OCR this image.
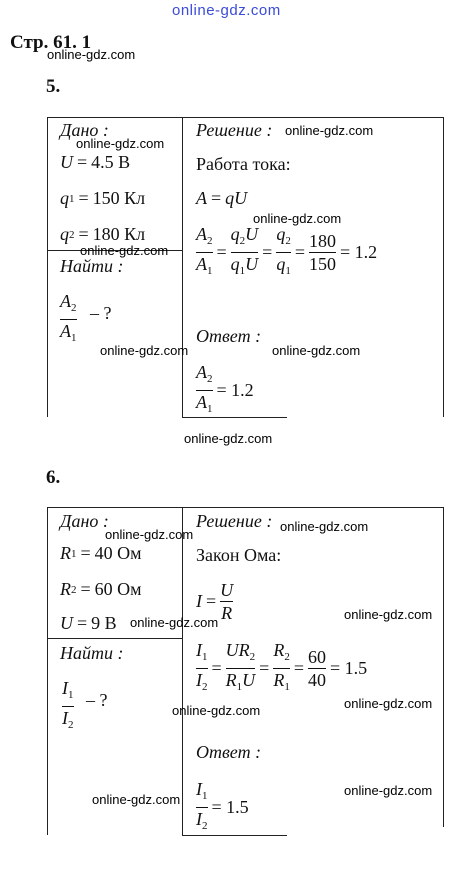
online-gdz.com
Стр. 61. 1
online-gdz.com
5.
Дано :
online-gdz.com
U = 4.5 В
q 1 = 150 Кл
q 2 = 180 Кл
online-gdz.com
Найти :
$A_2$
$A_1$
– ?
online-gdz.com
Решение : online-gdz.com
Работа тока:
A = qU
online-gdz.com
$\frac{A_2}{A_1} = \frac{q_2U}{q_1U} = \frac{q_2}{q_1} = \frac{180}{150} = 1.2$
Ответ :
online-gdz.com
$\frac{A_2}{A_1} = 1.2$
online-gdz.com
6.
Дано :
online-gdz.com
R 1 = 40 Ом
R 2 = 60 Ом
U = 9 В online-gdz.com
Найти :
$I_1$
$I_2$
– ?
online-gdz.com
Решение : online-gdz.com
Закон Ома:
$I = \frac{U}{R}$	online-gdz.com
$\frac{I_1}{I_2} = \frac{UR_2}{R_1U} = \frac{R_2}{R_1} = \frac{60}{40} = 1.5$
online-gdz.com
Ответ :
online-gdz.com
online-gdz.com
$\frac{I_1}{I_2} = 1.5$
